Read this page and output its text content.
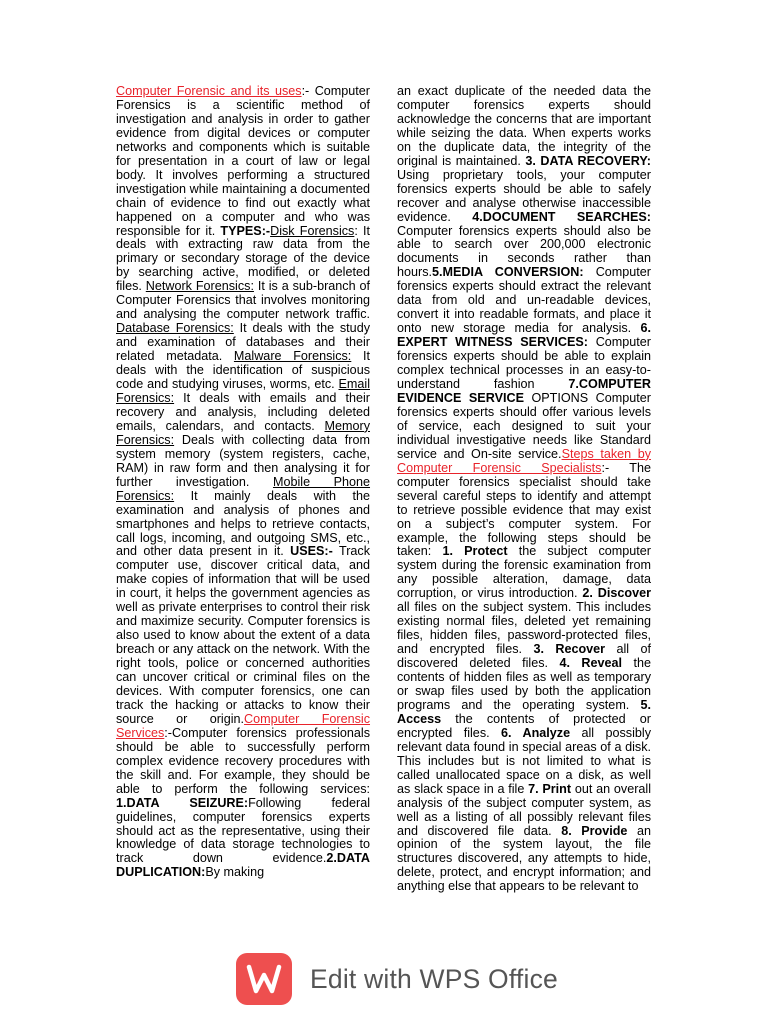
Computer Forensic and its uses:- Computer Forensics is a scientific method of investigation and analysis in order to gather evidence from digital devices or computer networks and components which is suitable for presentation in a court of law or legal body. It involves performing a structured investigation while maintaining a documented chain of evidence to find out exactly what happened on a computer and who was responsible for it. TYPES:-Disk Forensics: It deals with extracting raw data from the primary or secondary storage of the device by searching active, modified, or deleted files. Network Forensics: It is a sub-branch of Computer Forensics that involves monitoring and analysing the computer network traffic. Database Forensics: It deals with the study and examination of databases and their related metadata. Malware Forensics: It deals with the identification of suspicious code and studying viruses, worms, etc. Email Forensics: It deals with emails and their recovery and analysis, including deleted emails, calendars, and contacts. Memory Forensics: Deals with collecting data from system memory (system registers, cache, RAM) in raw form and then analysing it for further investigation. Mobile Phone Forensics: It mainly deals with the examination and analysis of phones and smartphones and helps to retrieve contacts, call logs, incoming, and outgoing SMS, etc., and other data present in it. USES:- Track computer use, discover critical data, and make copies of information that will be used in court, it helps the government agencies as well as private enterprises to control their risk and maximize security. Computer forensics is also used to know about the extent of a data breach or any attack on the network. With the right tools, police or concerned authorities can uncover critical or criminal files on the devices. With computer forensics, one can track the hacking or attacks to know their source or origin.Computer Forensic Services:-Computer forensics professionals should be able to successfully perform complex evidence recovery procedures with the skill and. For example, they should be able to perform the following services: 1.DATA SEIZURE:Following federal guidelines, computer forensics experts should act as the representative, using their knowledge of data storage technologies to track down evidence.2.DATA DUPLICATION:By making

an exact duplicate of the needed data the computer forensics experts should acknowledge the concerns that are important while seizing the data. When experts works on the duplicate data, the integrity of the original is maintained. 3. DATA RECOVERY: Using proprietary tools, your computer forensics experts should be able to safely recover and analyse otherwise inaccessible evidence. 4.DOCUMENT SEARCHES: Computer forensics experts should also be able to search over 200,000 electronic documents in seconds rather than hours.5.MEDIA CONVERSION: Computer forensics experts should extract the relevant data from old and un-readable devices, convert it into readable formats, and place it onto new storage media for analysis. 6. EXPERT WITNESS SERVICES: Computer forensics experts should be able to explain complex technical processes in an easy-to- understand fashion 7.COMPUTER EVIDENCE SERVICE OPTIONS Computer forensics experts should offer various levels of service, each designed to suit your individual investigative needs like Standard service and On-site service.Steps taken by Computer Forensic Specialists:- The computer forensics specialist should take several careful steps to identify and attempt to retrieve possible evidence that may exist on a subject’s computer system. For example, the following steps should be taken: 1. Protect the subject computer system during the forensic examination from any possible alteration, damage, data corruption, or virus introduction. 2. Discover all files on the subject system. This includes existing normal files, deleted yet remaining files, hidden files, password-protected files, and encrypted files. 3. Recover all of discovered deleted files. 4. Reveal the contents of hidden files as well as temporary or swap files used by both the application programs and the operating system. 5. Access the contents of protected or encrypted files. 6. Analyze all possibly relevant data found in special areas of a disk. This includes but is not limited to what is called unallocated space on a disk, as well as slack space in a file 7. Print out an overall analysis of the subject computer system, as well as a listing of all possibly relevant files and discovered file data. 8. Provide an opinion of the system layout, the file structures discovered, any attempts to hide, delete, protect, and encrypt information; and anything else that appears to be relevant to

Edit with WPS Office
